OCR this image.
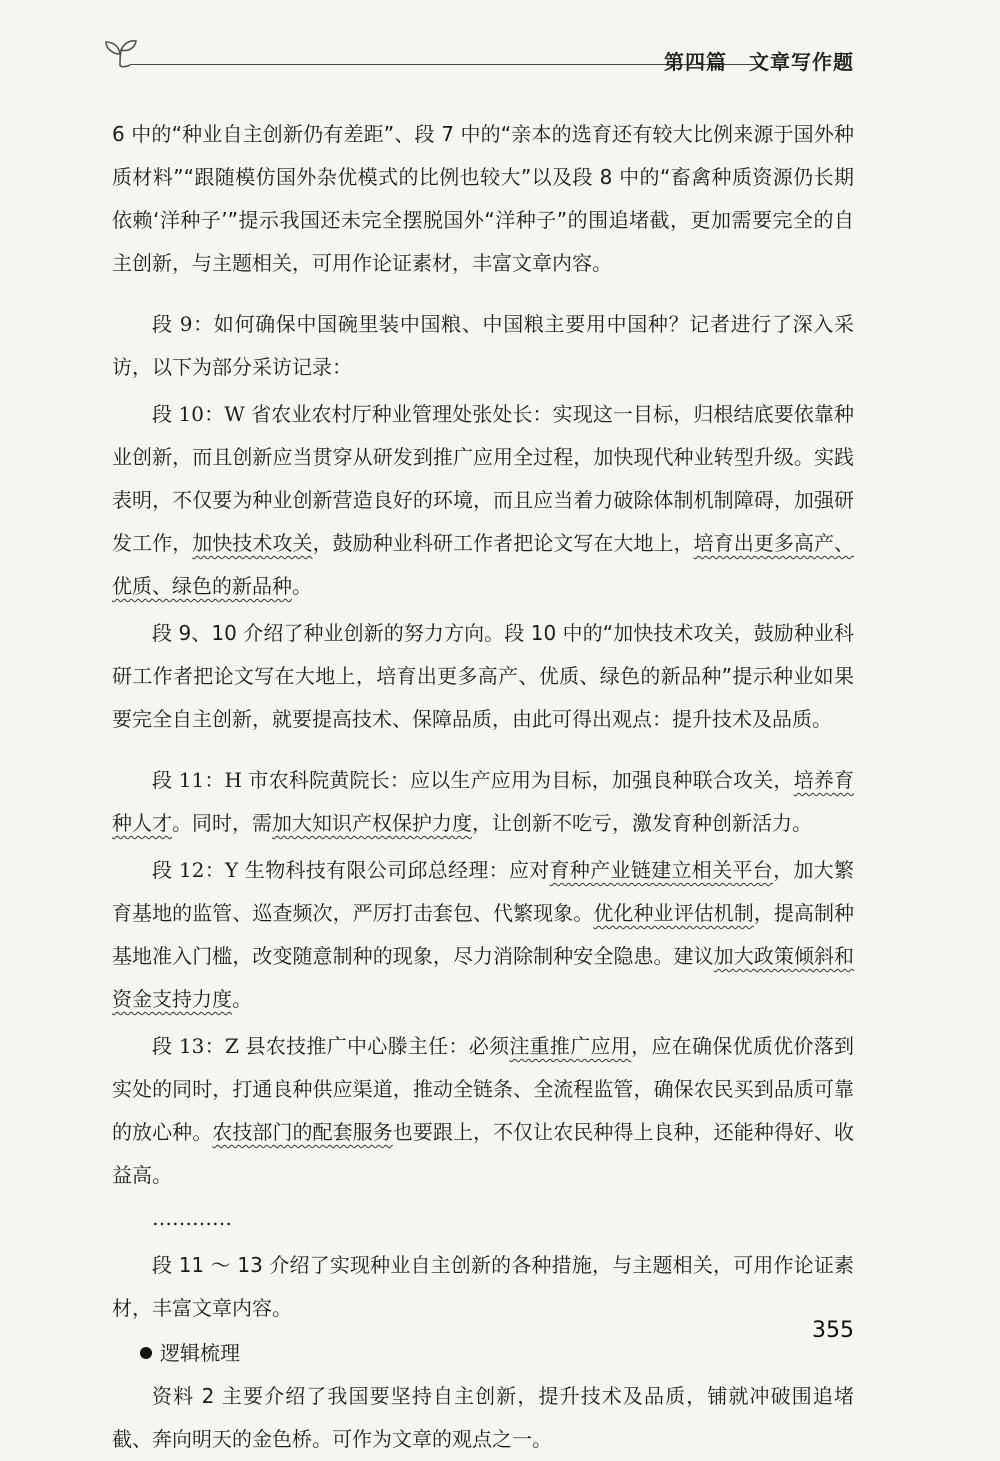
第四篇 文章写作题

6 中的“种业自主创新仍有差距”、段 7 中的“亲本的选育还有较大比例来源于国外种质材料”“跟随模仿国外杂优模式的比例也较大”以及段 8 中的“畜禽种质资源仍长期依赖‘洋种子’”提示我国还未完全摆脱国外“洋种子”的围追堵截，更加需要完全的自主创新，与主题相关，可用作论证素材，丰富文章内容。

段 9：如何确保中国碗里装中国粮、中国粮主要用中国种？记者进行了深入采访，以下为部分采访记录：

段 10：W 省农业农村厅种业管理处张处长：实现这一目标，归根结底要依靠种业创新，而且创新应当贯穿从研发到推广应用全过程，加快现代种业转型升级。实践表明，不仅要为种业创新营造良好的环境，而且应当着力破除体制机制障碍，加强研发工作，加快技术攻关，鼓励种业科研工作者把论文写在大地上，培育出更多高产、优质、绿色的新品种。

段 9、10 介绍了种业创新的努力方向。段 10 中的“加快技术攻关，鼓励种业科研工作者把论文写在大地上，培育出更多高产、优质、绿色的新品种”提示种业如果要完全自主创新，就要提高技术、保障品质，由此可得出观点：提升技术及品质。

段 11：H 市农科院黄院长：应以生产应用为目标，加强良种联合攻关，培养育种人才。同时，需加大知识产权保护力度，让创新不吃亏，激发育种创新活力。

段 12：Y 生物科技有限公司邱总经理：应对育种产业链建立相关平台，加大繁育基地的监管、巡查频次，严厉打击套包、代繁现象。优化种业评估机制，提高制种基地准入门槛，改变随意制种的现象，尽力消除制种安全隐患。建议加大政策倾斜和资金支持力度。

段 13：Z 县农技推广中心滕主任：必须注重推广应用，应在确保优质优价落到实处的同时，打通良种供应渠道，推动全链条、全流程监管，确保农民买到品质可靠的放心种。农技部门的配套服务也要跟上，不仅让农民种得上良种，还能种得好、收益高。

…………

段 11 ～ 13 介绍了实现种业自主创新的各种措施，与主题相关，可用作论证素材，丰富文章内容。

逻辑梳理

资料 2 主要介绍了我国要坚持自主创新，提升技术及品质，铺就冲破围追堵截、奔向明天的金色桥。可作为文章的观点之一。

355
